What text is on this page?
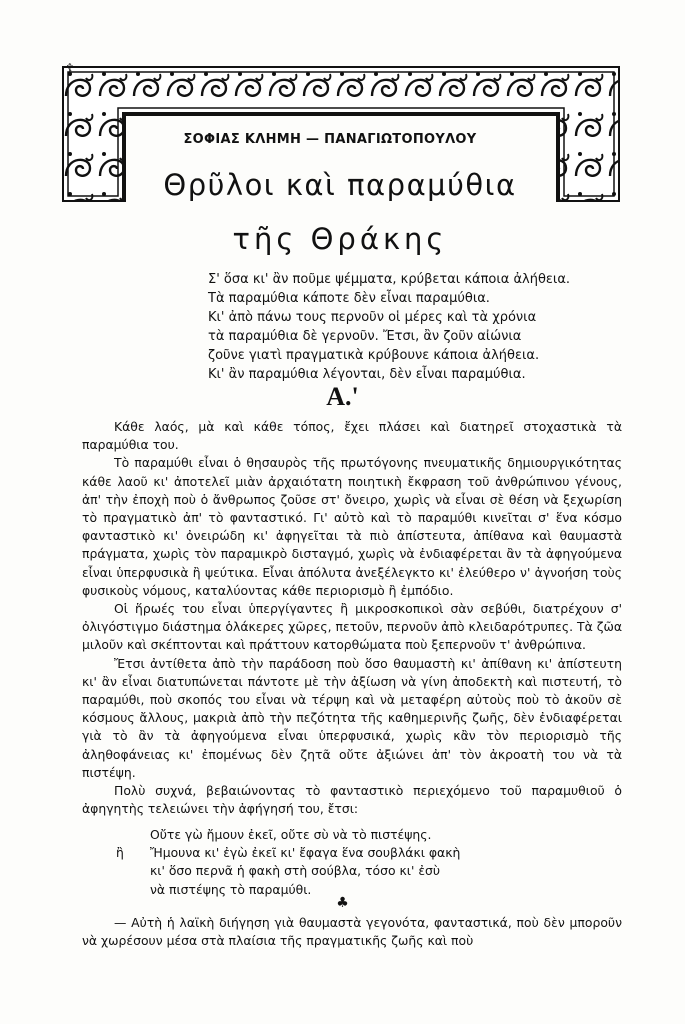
☦
ΣΟΦΙΑΣ ΚΛΗΜΗ — ΠΑΝΑΓΙΩΤΟΠΟΥΛΟΥ
Θρῦλοι καὶ παραμύθια
τῆς Θράκης
Σ' ὅσα κι' ἂν ποῦμε ψέμματα, κρύβεται κάποια ἀλήθεια.
Τὰ παραμύθια κάποτε δὲν εἶναι παραμύθια.
Κι' ἀπὸ πάνω τους περνοῦν οἱ μέρες καὶ τὰ χρόνια
τὰ παραμύθια δὲ γερνοῦν. Ἔτσι, ἂν ζοῦν αἰώνια
ζοῦνε γιατὶ πραγματικὰ κρύβουνε κάποια ἀλήθεια.
Κι' ἂν παραμύθια λέγονται, δὲν εἶναι παραμύθια.
Α.'

Κάθε λαός, μὰ καὶ κάθε τόπος, ἔχει πλάσει καὶ διατηρεῖ στοχαστικὰ τὰ παραμύθια του.

Τὸ παραμύθι εἶναι ὁ θησαυρὸς τῆς πρωτόγονης πνευματικῆς δημιουργικότητας κάθε λαοῦ κι' ἀποτελεῖ μιὰν ἀρχαιότατη ποιητικὴ ἔκφραση τοῦ ἀνθρώπινου γένους, ἀπ' τὴν ἐποχὴ ποὺ ὁ ἄνθρωπος ζοῦσε στ' ὄνειρο, χωρὶς νὰ εἶναι σὲ θέση νὰ ξεχωρίση τὸ πραγματικὸ ἀπ' τὸ φανταστικό. Γι' αὐτὸ καὶ τὸ παραμύθι κινεῖται σ' ἕνα κόσμο φανταστικὸ κι' ὀνειρώδη κι' ἀφηγεῖται τὰ πιὸ ἀπίστευτα, ἀπίθανα καὶ θαυμαστὰ πράγματα, χωρὶς τὸν παραμικρὸ δισταγμό, χωρὶς νὰ ἐνδιαφέρεται ἂν τὰ ἀφηγούμενα εἶναι ὑπερφυσικὰ ἢ ψεύτικα. Εἶναι ἀπόλυτα ἀνεξέλεγκτο κι' ἐλεύθερο ν' ἀγνοήση τοὺς φυσικοὺς νόμους, καταλύοντας κάθε περιορισμὸ ἢ ἐμπόδιο.

Οἱ ἥρωές του εἶναι ὑπεργίγαντες ἢ μικροσκοπικοὶ σὰν σεβύθι, διατρέχουν σ' ὀλιγόστιγμο διάστημα ὁλάκερες χῶρες, πετοῦν, περνοῦν ἀπὸ κλειδαρότρυπες. Τὰ ζῶα μιλοῦν καὶ σκέπτονται καὶ πράττουν κατορθώματα ποὺ ξεπερνοῦν τ' ἀνθρώπινα.

Ἔτσι ἀντίθετα ἀπὸ τὴν παράδοση ποὺ ὅσο θαυμαστὴ κι' ἀπίθανη κι' ἀπίστευτη κι' ἂν εἶναι διατυπώνεται πάντοτε μὲ τὴν ἀξίωση νὰ γίνη ἀποδεκτὴ καὶ πιστευτή, τὸ παραμύθι, ποὺ σκοπός του εἶναι νὰ τέρψη καὶ νὰ μεταφέρη αὐτοὺς ποὺ τὸ ἀκοῦν σὲ κόσμους ἄλλους, μακριὰ ἀπὸ τὴν πεζότητα τῆς καθημερινῆς ζωῆς, δὲν ἐνδιαφέρεται γιὰ τὸ ἂν τὰ ἀφηγούμενα εἶναι ὑπερφυσικά, χωρὶς κἂν τὸν περιορισμὸ τῆς ἀληθοφάνειας κι' ἐπομένως δὲν ζητᾶ οὔτε ἀξιώνει ἀπ' τὸν ἀκροατὴ του νὰ τὰ πιστέψη.

Πολὺ συχνά, βεβαιώνοντας τὸ φανταστικὸ περιεχόμενο τοῦ παραμυθιοῦ ὁ ἀφηγητὴς τελειώνει τὴν ἀφήγησή του, ἔτσι:

ἢ
Οὔτε γὼ ἤμουν ἐκεῖ, οὔτε σὺ νὰ τὸ πιστέψης.
Ἤμουνα κι' ἐγὼ ἐκεῖ κι' ἔφαγα ἕνα σουβλάκι φακὴ
κι' ὅσο περνᾶ ἡ φακὴ στὴ σούβλα, τόσο κι' ἐσὺ
νὰ πιστέψης τὸ παραμύθι.
♣

— Αὐτὴ ἡ λαϊκὴ διήγηση γιὰ θαυμαστὰ γεγονότα, φανταστικά, ποὺ δὲν μποροῦν νὰ χωρέσουν μέσα στὰ πλαίσια τῆς πραγματικῆς ζωῆς καὶ ποὺ
